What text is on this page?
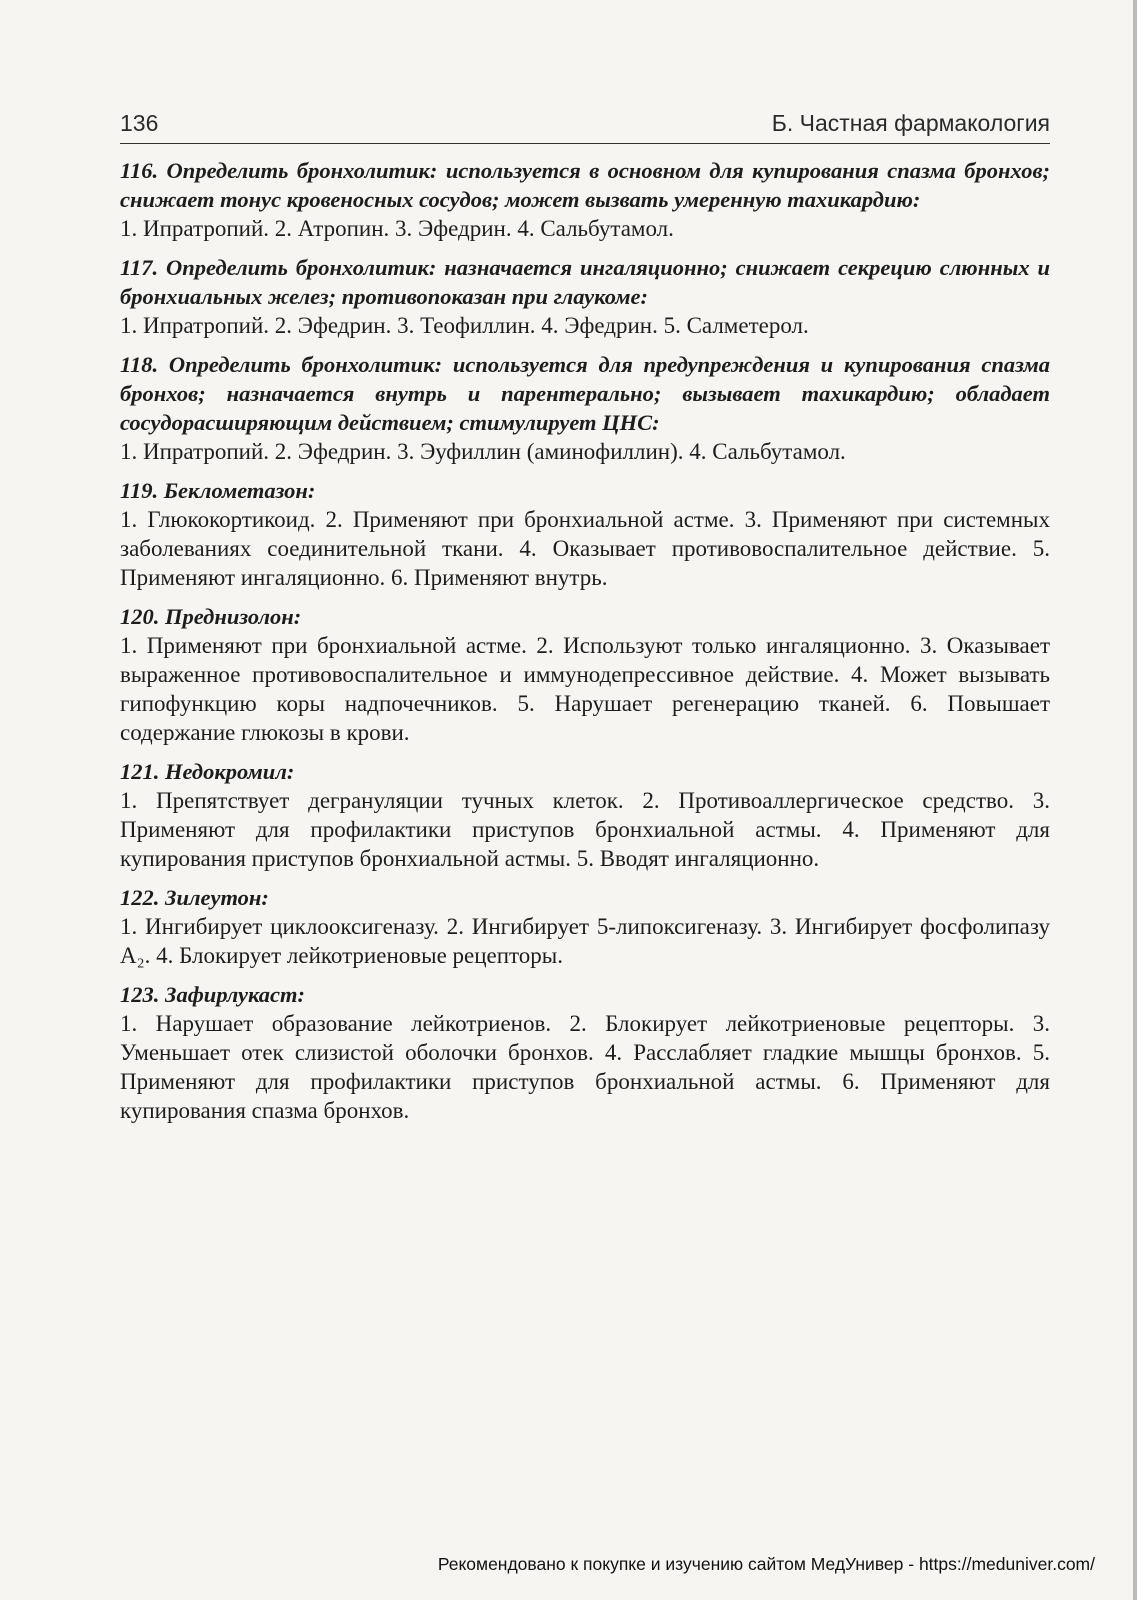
136	Б. Частная фармакология

116. Определить бронхолитик: используется в основном для купирования спазма бронхов; снижает тонус кровеносных сосудов; может вызвать умеренную тахикардию:

1. Ипратропий. 2. Атропин. 3. Эфедрин. 4. Сальбутамол.

117. Определить бронхолитик: назначается ингаляционно; снижает секрецию слюнных и бронхиальных желез; противопоказан при глаукоме:

1. Ипратропий. 2. Эфедрин. 3. Теофиллин. 4. Эфедрин. 5. Салметерол.

118. Определить бронхолитик: используется для предупреждения и купирования спазма бронхов; назначается внутрь и парентерально; вызывает тахикардию; обладает сосудорасширяющим действием; стимулирует ЦНС:

1. Ипратропий. 2. Эфедрин. 3. Эуфиллин (аминофиллин). 4. Сальбутамол.

119. Беклометазон:

1. Глюкокортикоид. 2. Применяют при бронхиальной астме. 3. Применяют при системных заболеваниях соединительной ткани. 4. Оказывает противовоспалительное действие. 5. Применяют ингаляционно. 6. Применяют внутрь.

120. Преднизолон:

1. Применяют при бронхиальной астме. 2. Используют только ингаляционно. 3. Оказывает выраженное противовоспалительное и иммунодепрессивное действие. 4. Может вызывать гипофункцию коры надпочечников. 5. Нарушает регенерацию тканей. 6. Повышает содержание глюкозы в крови.

121. Недокромил:

1. Препятствует дегрануляции тучных клеток. 2. Противоаллергическое средство. 3. Применяют для профилактики приступов бронхиальной астмы. 4. Применяют для купирования приступов бронхиальной астмы. 5. Вводят ингаляционно.

122. Зилеутон:

1. Ингибирует циклооксигеназу. 2. Ингибирует 5-липоксигеназу. 3. Ингибирует фосфолипазу A₂. 4. Блокирует лейкотриеновые рецепторы.

123. Зафирлукаст:

1. Нарушает образование лейкотриенов. 2. Блокирует лейкотриеновые рецепторы. 3. Уменьшает отек слизистой оболочки бронхов. 4. Расслабляет гладкие мышцы бронхов. 5. Применяют для профилактики приступов бронхиальной астмы. 6. Применяют для купирования спазма бронхов.

Рекомендовано к покупке и изучению сайтом МедУнивер - https://meduniver.com/
